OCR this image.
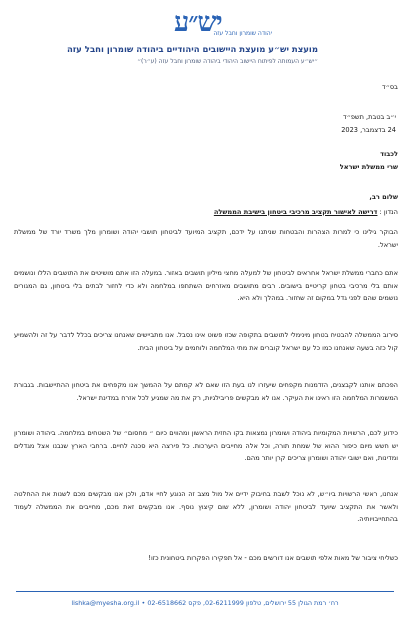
יש״ע
יהודה שומרון וחבל עזה
מועצת יש״ע מועצת היישובים היהודיים ביהודה שומרון וחבל עזה
״יש״ע העמותה לפיתוח היישוב היהודי ביהודה שומרון וחבל עזה (ע״ר)״
בס״ד
י״ב בטבת, תשפ״ד
24 בדצמבר, 2023
לכבוד
שרי ממשלת ישראל
שלום רב,
הנדון : דרישה לאישור תקציב מרכיבי ביטחון בישיבת הממשלה

הבוקר גילינו כי למרות הצהרות והבטחות שניתנו על ידכם, תקציב המיועד לביטחון תושבי יהודה ושומרון מלך משרד יורד של ממשלת ישראל.

אתם כחברי ממשלת ישראל אחראים לביטחון של למעלה מחצי מיליון תושבים באזור. במעלה הזו אתם מושיטים את התושבים הללו ונושמים אותם בלי מרכיבי בטחון קריטיים בישובים. רבים מתושבים מאזרחים השתתפו במלחמה ולא כדי לחזור לבתים בלי ביטחון, גם המגורים נושמים שהם לפני גדל במקום זה שחזור. במהלך ולא היא.

סירוב הממשלה להבטיח בטחון מינימלי לתושבים בתקופה שכזו פשוט אינו נסבל. אנו מתביישים שאנחנו צריכים בכלל לדבר על זה ולהשמיע קול כזה בשעה שאנחנו כמו כל עם ישראל קוברים את מתי המלחמה ולוחמים על ביטחון הבית.

הפכתם אותנו לקבצנים, הזדמנות מקפחים שיעזרו לנו בעת הזו שאם לא קמתם על ההמשך אנו מקפחים את ביטחון ההתיישבות. בגבורת המשמרות המלחמה הזו ראינו את העיקר. אנו לא מבקשים פריבילגיות, רק את מה שמגיע לכל אזרח במדינת ישראל.

כידוע לכם, הרשויות המקומיות ביהודה ושומרון נמצאות בקו החזית הראשון ומהווים כיום ״ מחסום״ של השטחים במלחמה. ביהודה ושומרון יש חשש מיום כיפור ההוא של שמחת תורה, וכל אלה מחייבים היערכות. כל פירצה היא סכנה לחיים. ברחבי הארץ שנבנו אצל מגדלים ומדינות, ואם ישובי יהודה ושומרון צריכים קרן יותר מהם.

אנחנו, ראשי הרשויות ביו״ש, לא נוכל לשבת בחיבוק ידיים אל מול מצב זה הנוגע לחיי אדם, ולכן אנו מבקשים מכם לשנות את ההחלטה ולאשר את התקציב שיועד לביטחון יהודה ושומרון, ללא שום קיצוץ נוסף. אנו מבקשים זאת מכם, מחייבים את הממשלה לעמוד בהתחייבויותיה.

כשליחי ציבור של מאות אלפי תושבים אנו דורשים מכם - אל תפקירו הפקרות ביטחונית כזו!

רח׳ רמת הגולן 55 ירושלים, טלפון 02-6211999, פקס 02-6518662 • lishka@myesha.org.il
